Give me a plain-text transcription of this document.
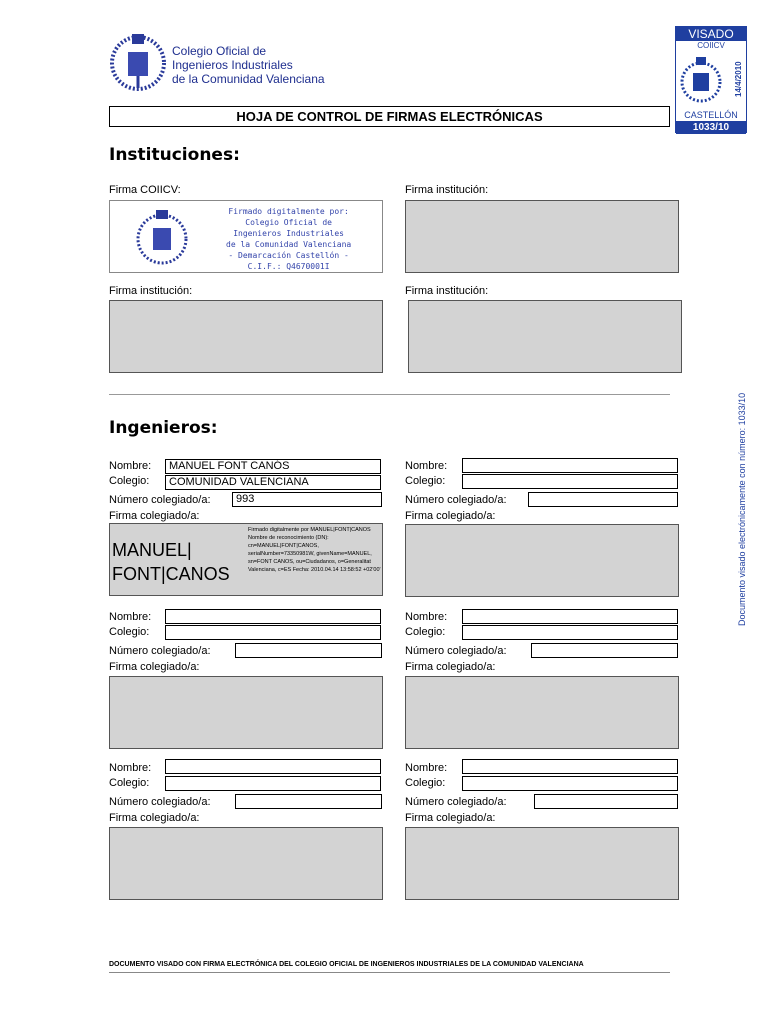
Colegio Oficial de
Ingenieros Industriales
de la Comunidad Valenciana
HOJA DE CONTROL DE FIRMAS ELECTRÓNICAS
VISADO
COIICV
14/4/2010
CASTELLÓN
1033/10
Instituciones:
Firma COIICV:	Firma institución:
Firmado digitalmente por:
Colegio Oficial de
Ingenieros Industriales
de la Comunidad Valenciana
- Demarcación Castellón -
C.I.F.: Q4670001I
Firma institución:	Firma institución:
Ingenieros:
Nombre:	MANUEL FONT CANÓS
Colegio:	COMUNIDAD VALENCIANA
Número colegiado/a:	993
Firma colegiado/a:
MANUEL|
FONT|CANOS
Firmado digitalmente por MANUEL|FONT|CANOS Nombre de reconocimiento (DN): cn=MANUEL|FONT|CANOS, serialNumber=73350981W, givenName=MANUEL, sn=FONT CANOS, ou=Ciudadanos, o=Generalitat Valenciana, c=ES Fecha: 2010.04.14 13:58:52 +02'00'
Nombre:
Colegio:
Número colegiado/a:
Firma colegiado/a:
Nombre:
Colegio:
Número colegiado/a:
Firma colegiado/a:
Nombre:
Colegio:
Número colegiado/a:
Firma colegiado/a:
Nombre:
Colegio:
Número colegiado/a:
Firma colegiado/a:
Nombre:
Colegio:
Número colegiado/a:
Firma colegiado/a:
Documento visado electrónicamente con número: 1033/10
DOCUMENTO VISADO CON FIRMA ELECTRÓNICA DEL COLEGIO OFICIAL DE INGENIEROS INDUSTRIALES DE LA COMUNIDAD VALENCIANA
